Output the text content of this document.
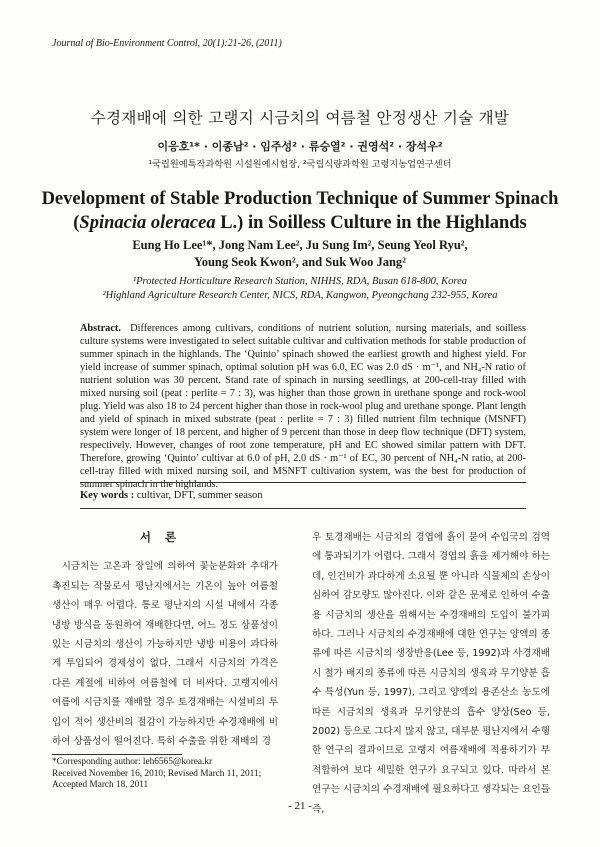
Journal of Bio-Environment Control, 20(1):21-26, (2011)
수경재배에 의한 고랭지 시금치의 여름철 안정생산 기술 개발
이응호¹* · 이종남² · 임주성² · 류승열² · 권영석² · 장석우²
¹국립원예특작과학원 시설원예시험장, ²국립식량과학원 고령지농업연구센터
Development of Stable Production Technique of Summer Spinach
(Spinacia oleracea L.) in Soilless Culture in the Highlands
Eung Ho Lee¹*, Jong Nam Lee², Ju Sung Im², Seung Yeol Ryu²,
Young Seok Kwon², and Suk Woo Jang²
¹Protected Horticulture Research Station, NIHHS, RDA, Busan 618-800, Korea
²Highland Agriculture Research Center, NICS, RDA, Kangwon, Pyeongchang 232-955, Korea
Abstract. Differences among cultivars, conditions of nutrient solution, nursing materials, and soilless culture systems were investigated to select suitable cultivar and cultivation methods for stable production of summer spinach in the highlands. The ‘Quinto’ spinach showed the earliest growth and highest yield. For yield increase of summer spinach, optimal solution pH was 6.0, EC was 2.0 dS · m⁻¹, and NH₄-N ratio of nutrient solution was 30 percent. Stand rate of spinach in nursing seedlings, at 200-cell-tray filled with mixed nursing soil (peat : perlite = 7 : 3), was higher than those grown in urethane sponge and rock-wool plug. Yield was also 18 to 24 percent higher than those in rock-wool plug and urethane sponge. Plant length and yield of spinach in mixed substrate (peat : perlite = 7 : 3) filled nutrient film technique (MSNFT) system were longer of 18 percent, and higher of 9 percent than those in deep flow technique (DFT) system, respectively. However, changes of root zone temperature, pH and EC showed similar pattern with DFT. Therefore, growing ‘Quinto’ cultivar at 6.0 of pH, 2.0 dS · m⁻¹ of EC, 30 percent of NH₄-N ratio, at 200-cell-tray filled with mixed nursing soil, and MSNFT cultivation system, was the best for production of summer spinach in the highlands.
Key words : cultivar, DFT, summer season
서론

시금치는 고온과 장일에 의하여 꽃눈분화와 추대가 촉진되는 작물로서 평난지에서는 기온이 높아 여름철 생산이 매우 어렵다. 통로 평난지의 시설 내에서 각종 냉방 방식을 동원하여 재배한다면, 어느 정도 상품성이 있는 시금치의 생산이 가능하지만 냉방 비용이 과다하게 투입되어 경제성이 없다. 그래서 시금치의 가격은 다른 계절에 비하여 여름철에 더 비싸다. 고랭지에서 여름에 시금치를 재배할 경우 토경재배는 시설비의 투입이 적어 생산비의 절감이 가능하지만 수경재배에 비하여 상품성이 떨어진다. 특히 수출을 위한 재배의 경

우 토경재배는 시금치의 경엽에 흙이 묻어 수입국의 검역에 통과되기가 어렵다. 그래서 경엽의 흙을 제거해야 하는데, 인건비가 과다하게 소요될 뿐 아니라 식물체의 손상이 심하여 감모량도 많아진다. 이와 같은 문제로 인하여 수출용 시금치의 생산을 위해서는 수경재배의 도입이 불가피하다. 그러나 시금치의 수경재배에 대한 연구는 양액의 종류에 따른 시금치의 생장반응(Lee 등, 1992)과 사경재배 시 철가 배지의 종류에 따른 시금치의 생육과 무기양분 흡수 특성(Yun 등, 1997), 그리고 양액의 용존산소 농도에 따른 시금치의 생육과 무기양분의 흡수 양상(Seo 등, 2002) 등으로 그다지 많지 않고, 대부분 평난지에서 수행한 연구의 결과이므로 고랭지 여름재배에 적용하기가 부적합하여 보다 세밀한 연구가 요구되고 있다. 따라서 본 연구는 시금치의 수경재배에 필요하다고 생각되는 요인들 즉,

*Corresponding author: leh6565@korea.kr
Received November 16, 2010; Revised March 11, 2011;
Accepted March 18, 2011
- 21 -
